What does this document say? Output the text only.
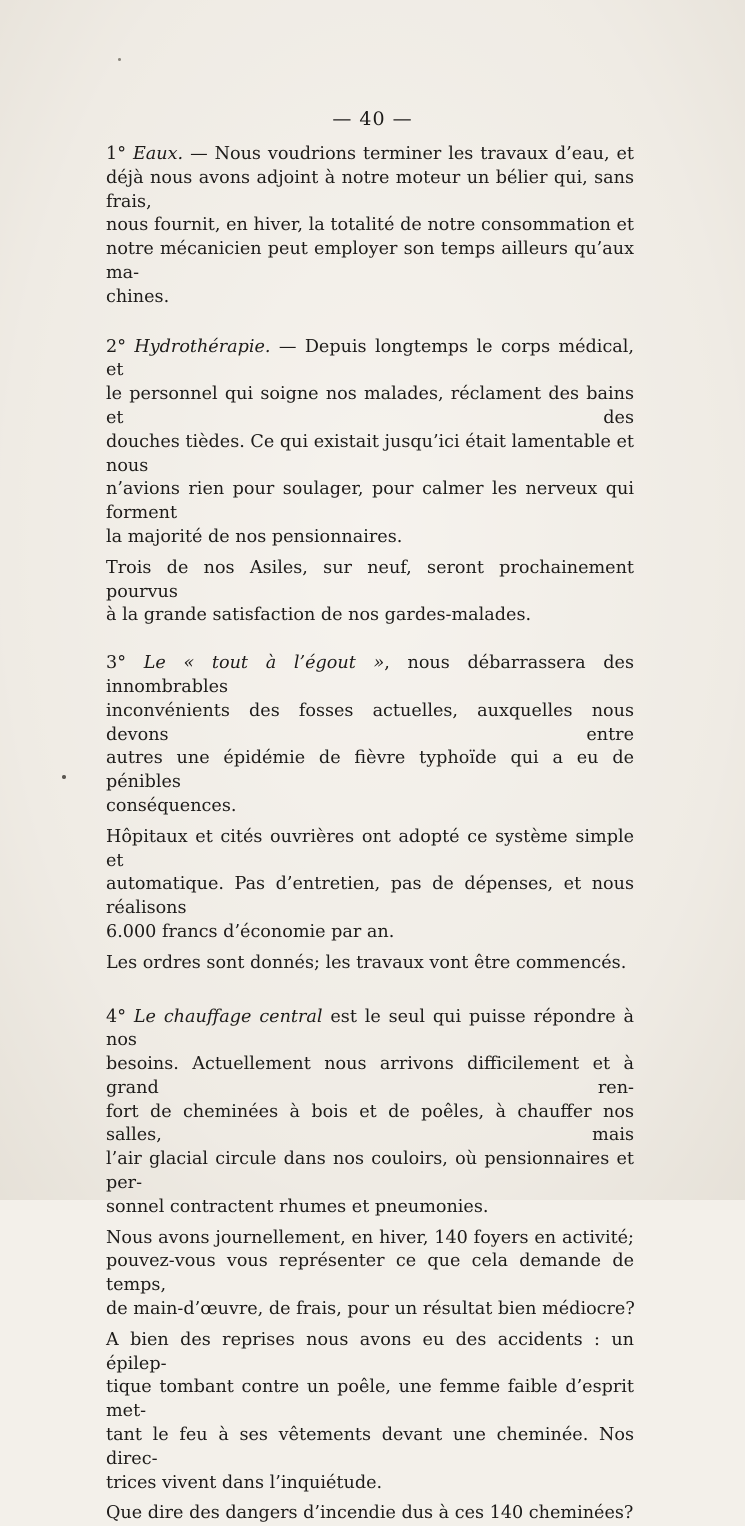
— 40 —
1° Eaux. — Nous voudrions terminer les travaux d’eau, et
déjà nous avons adjoint à notre moteur un bélier qui, sans frais,
nous fournit, en hiver, la totalité de notre consommation et
notre mécanicien peut employer son temps ailleurs qu’aux ma-
chines.
2° Hydrothérapie. — Depuis longtemps le corps médical, et
le personnel qui soigne nos malades, réclament des bains et des
douches tièdes. Ce qui existait jusqu’ici était lamentable et nous
n’avions rien pour soulager, pour calmer les nerveux qui forment
la majorité de nos pensionnaires.
Trois de nos Asiles, sur neuf, seront prochainement pourvus
à la grande satisfaction de nos gardes-malades.
3° Le « tout à l’égout », nous débarrassera des innombrables
inconvénients des fosses actuelles, auxquelles nous devons entre
autres une épidémie de fièvre typhoïde qui a eu de pénibles
conséquences.
Hôpitaux et cités ouvrières ont adopté ce système simple et
automatique. Pas d’entretien, pas de dépenses, et nous réalisons
6.000 francs d’économie par an.
Les ordres sont donnés; les travaux vont être commencés.
4° Le chauffage central est le seul qui puisse répondre à nos
besoins. Actuellement nous arrivons difficilement et à grand ren-
fort de cheminées à bois et de poêles, à chauffer nos salles, mais
l’air glacial circule dans nos couloirs, où pensionnaires et per-
sonnel contractent rhumes et pneumonies.
Nous avons journellement, en hiver, 140 foyers en activité;
pouvez-vous vous représenter ce que cela demande de temps,
de main-d’œuvre, de frais, pour un résultat bien médiocre?
A bien des reprises nous avons eu des accidents : un épilep-
tique tombant contre un poêle, une femme faible d’esprit met-
tant le feu à ses vêtements devant une cheminée. Nos direc-
trices vivent dans l’inquiétude.
Que dire des dangers d’incendie dus à ces 140 cheminées?
